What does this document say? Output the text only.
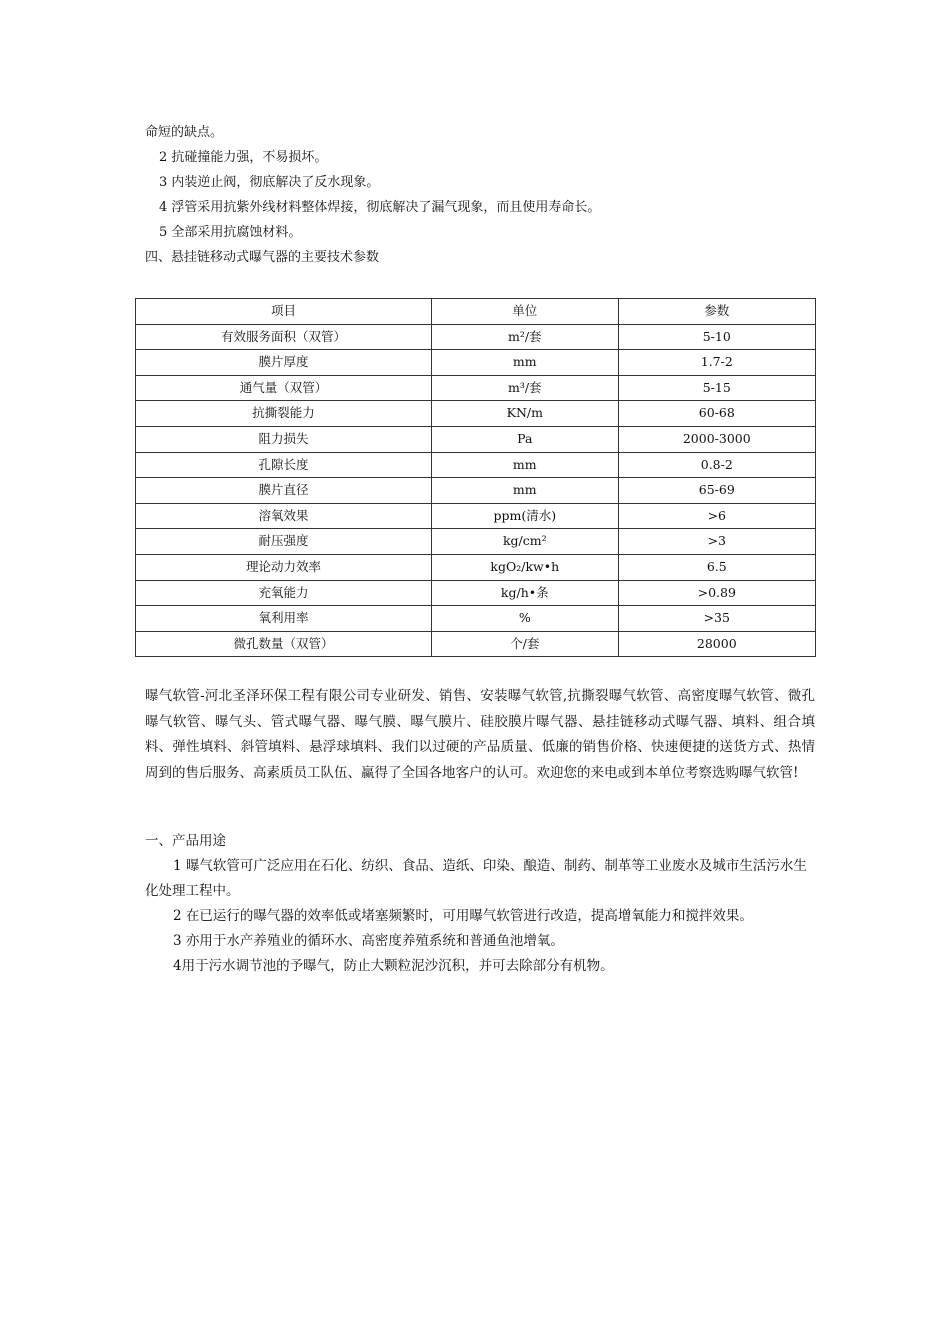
命短的缺点。
2 抗碰撞能力强，不易损坏。
3 内装逆止阀，彻底解决了反水现象。
4 浮管采用抗紫外线材料整体焊接，彻底解决了漏气现象，而且使用寿命长。
5 全部采用抗腐蚀材料。
四、悬挂链移动式曝气器的主要技术参数
项目	单位	参数
有效服务面积（双管）	m²/套	5-10
膜片厚度	mm	1.7-2
通气量（双管）	m³/套	5-15
抗撕裂能力	KN/m	60-68
阻力损失	Pa	2000-3000
孔隙长度	mm	0.8-2
膜片直径	mm	65-69
溶氧效果	ppm(清水)	>6
耐压强度	kg/cm²	>3
理论动力效率	kgO₂/kw•h	6.5
充氧能力	kg/h•条	>0.89
氧利用率	%	>35
微孔数量（双管）	个/套	28000
曝气软管-河北圣泽环保工程有限公司专业研发、销售、安装曝气软管,抗撕裂曝气软管、高密度曝气软管、微孔曝气软管、曝气头、管式曝气器、曝气膜、曝气膜片、硅胶膜片曝气器、悬挂链移动式曝气器、填料、组合填料、弹性填料、斜管填料、悬浮球填料、我们以过硬的产品质量、低廉的销售价格、快速便捷的送货方式、热情周到的售后服务、高素质员工队伍、赢得了全国各地客户的认可。欢迎您的来电或到本单位考察选购曝气软管!
一、产品用途
1 曝气软管可广泛应用在石化、纺织、食品、造纸、印染、酿造、制药、制革等工业废水及城市生活污水生化处理工程中。
2 在已运行的曝气器的效率低或堵塞频繁时，可用曝气软管进行改造，提高增氧能力和搅拌效果。
3 亦用于水产养殖业的循环水、高密度养殖系统和普通鱼池增氧。
4用于污水调节池的予曝气，防止大颗粒泥沙沉积，并可去除部分有机物。
